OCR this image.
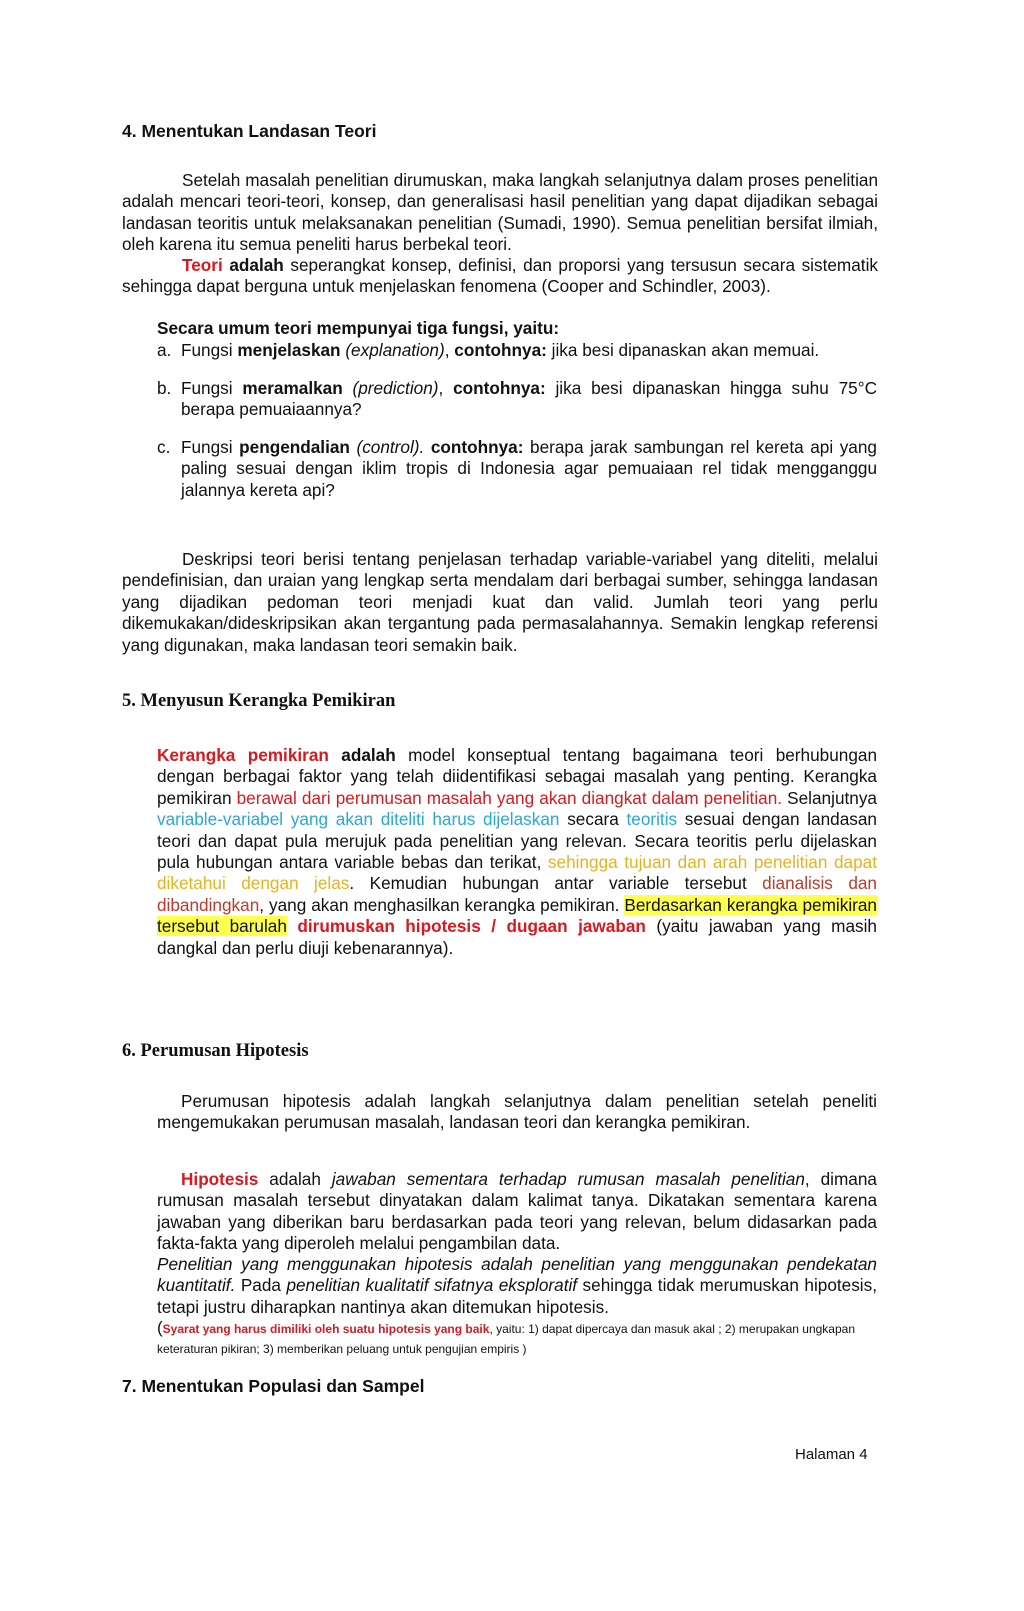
4. Menentukan Landasan Teori

Setelah masalah penelitian dirumuskan, maka langkah selanjutnya dalam proses penelitian adalah mencari teori-teori, konsep, dan generalisasi hasil penelitian yang dapat dijadikan sebagai landasan teoritis untuk melaksanakan penelitian (Sumadi, 1990). Semua penelitian bersifat ilmiah, oleh karena itu semua peneliti harus berbekal teori.

Teori adalah seperangkat konsep, definisi, dan proporsi yang tersusun secara sistematik sehingga dapat berguna untuk menjelaskan fenomena (Cooper and Schindler, 2003).

Secara umum teori mempunyai tiga fungsi, yaitu:

a. Fungsi menjelaskan (explanation), contohnya: jika besi dipanaskan akan memuai.
b. Fungsi meramalkan (prediction), contohnya: jika besi dipanaskan hingga suhu 75°C berapa pemuaiaannya?
c. Fungsi pengendalian (control). contohnya: berapa jarak sambungan rel kereta api yang paling sesuai dengan iklim tropis di Indonesia agar pemuaiaan rel tidak mengganggu jalannya kereta api?

Deskripsi teori berisi tentang penjelasan terhadap variable-variabel yang diteliti, melalui pendefinisian, dan uraian yang lengkap serta mendalam dari berbagai sumber, sehingga landasan yang dijadikan pedoman teori menjadi kuat dan valid. Jumlah teori yang perlu dikemukakan/dideskripsikan akan tergantung pada permasalahannya. Semakin lengkap referensi yang digunakan, maka landasan teori semakin baik.

5. Menyusun Kerangka Pemikiran

Kerangka pemikiran adalah model konseptual tentang bagaimana teori berhubungan dengan berbagai faktor yang telah diidentifikasi sebagai masalah yang penting. Kerangka pemikiran berawal dari perumusan masalah yang akan diangkat dalam penelitian. Selanjutnya variable-variabel yang akan diteliti harus dijelaskan secara teoritis sesuai dengan landasan teori dan dapat pula merujuk pada penelitian yang relevan. Secara teoritis perlu dijelaskan pula hubungan antara variable bebas dan terikat, sehingga tujuan dan arah penelitian dapat diketahui dengan jelas. Kemudian hubungan antar variable tersebut dianalisis dan dibandingkan, yang akan menghasilkan kerangka pemikiran. Berdasarkan kerangka pemikiran tersebut barulah dirumuskan hipotesis / dugaan jawaban (yaitu jawaban yang masih dangkal dan perlu diuji kebenarannya).

6. Perumusan Hipotesis

Perumusan hipotesis adalah langkah selanjutnya dalam penelitian setelah peneliti mengemukakan perumusan masalah, landasan teori dan kerangka pemikiran.

Hipotesis adalah jawaban sementara terhadap rumusan masalah penelitian, dimana rumusan masalah tersebut dinyatakan dalam kalimat tanya. Dikatakan sementara karena jawaban yang diberikan baru berdasarkan pada teori yang relevan, belum didasarkan pada fakta-fakta yang diperoleh melalui pengambilan data.

Penelitian yang menggunakan hipotesis adalah penelitian yang menggunakan pendekatan kuantitatif. Pada penelitian kualitatif sifatnya eksploratif sehingga tidak merumuskan hipotesis, tetapi justru diharapkan nantinya akan ditemukan hipotesis.

(Syarat yang harus dimiliki oleh suatu hipotesis yang baik, yaitu: 1) dapat dipercaya dan masuk akal ; 2) merupakan ungkapan keteraturan pikiran; 3) memberikan peluang untuk pengujian empiris )

7. Menentukan Populasi dan Sampel
Halaman 4
